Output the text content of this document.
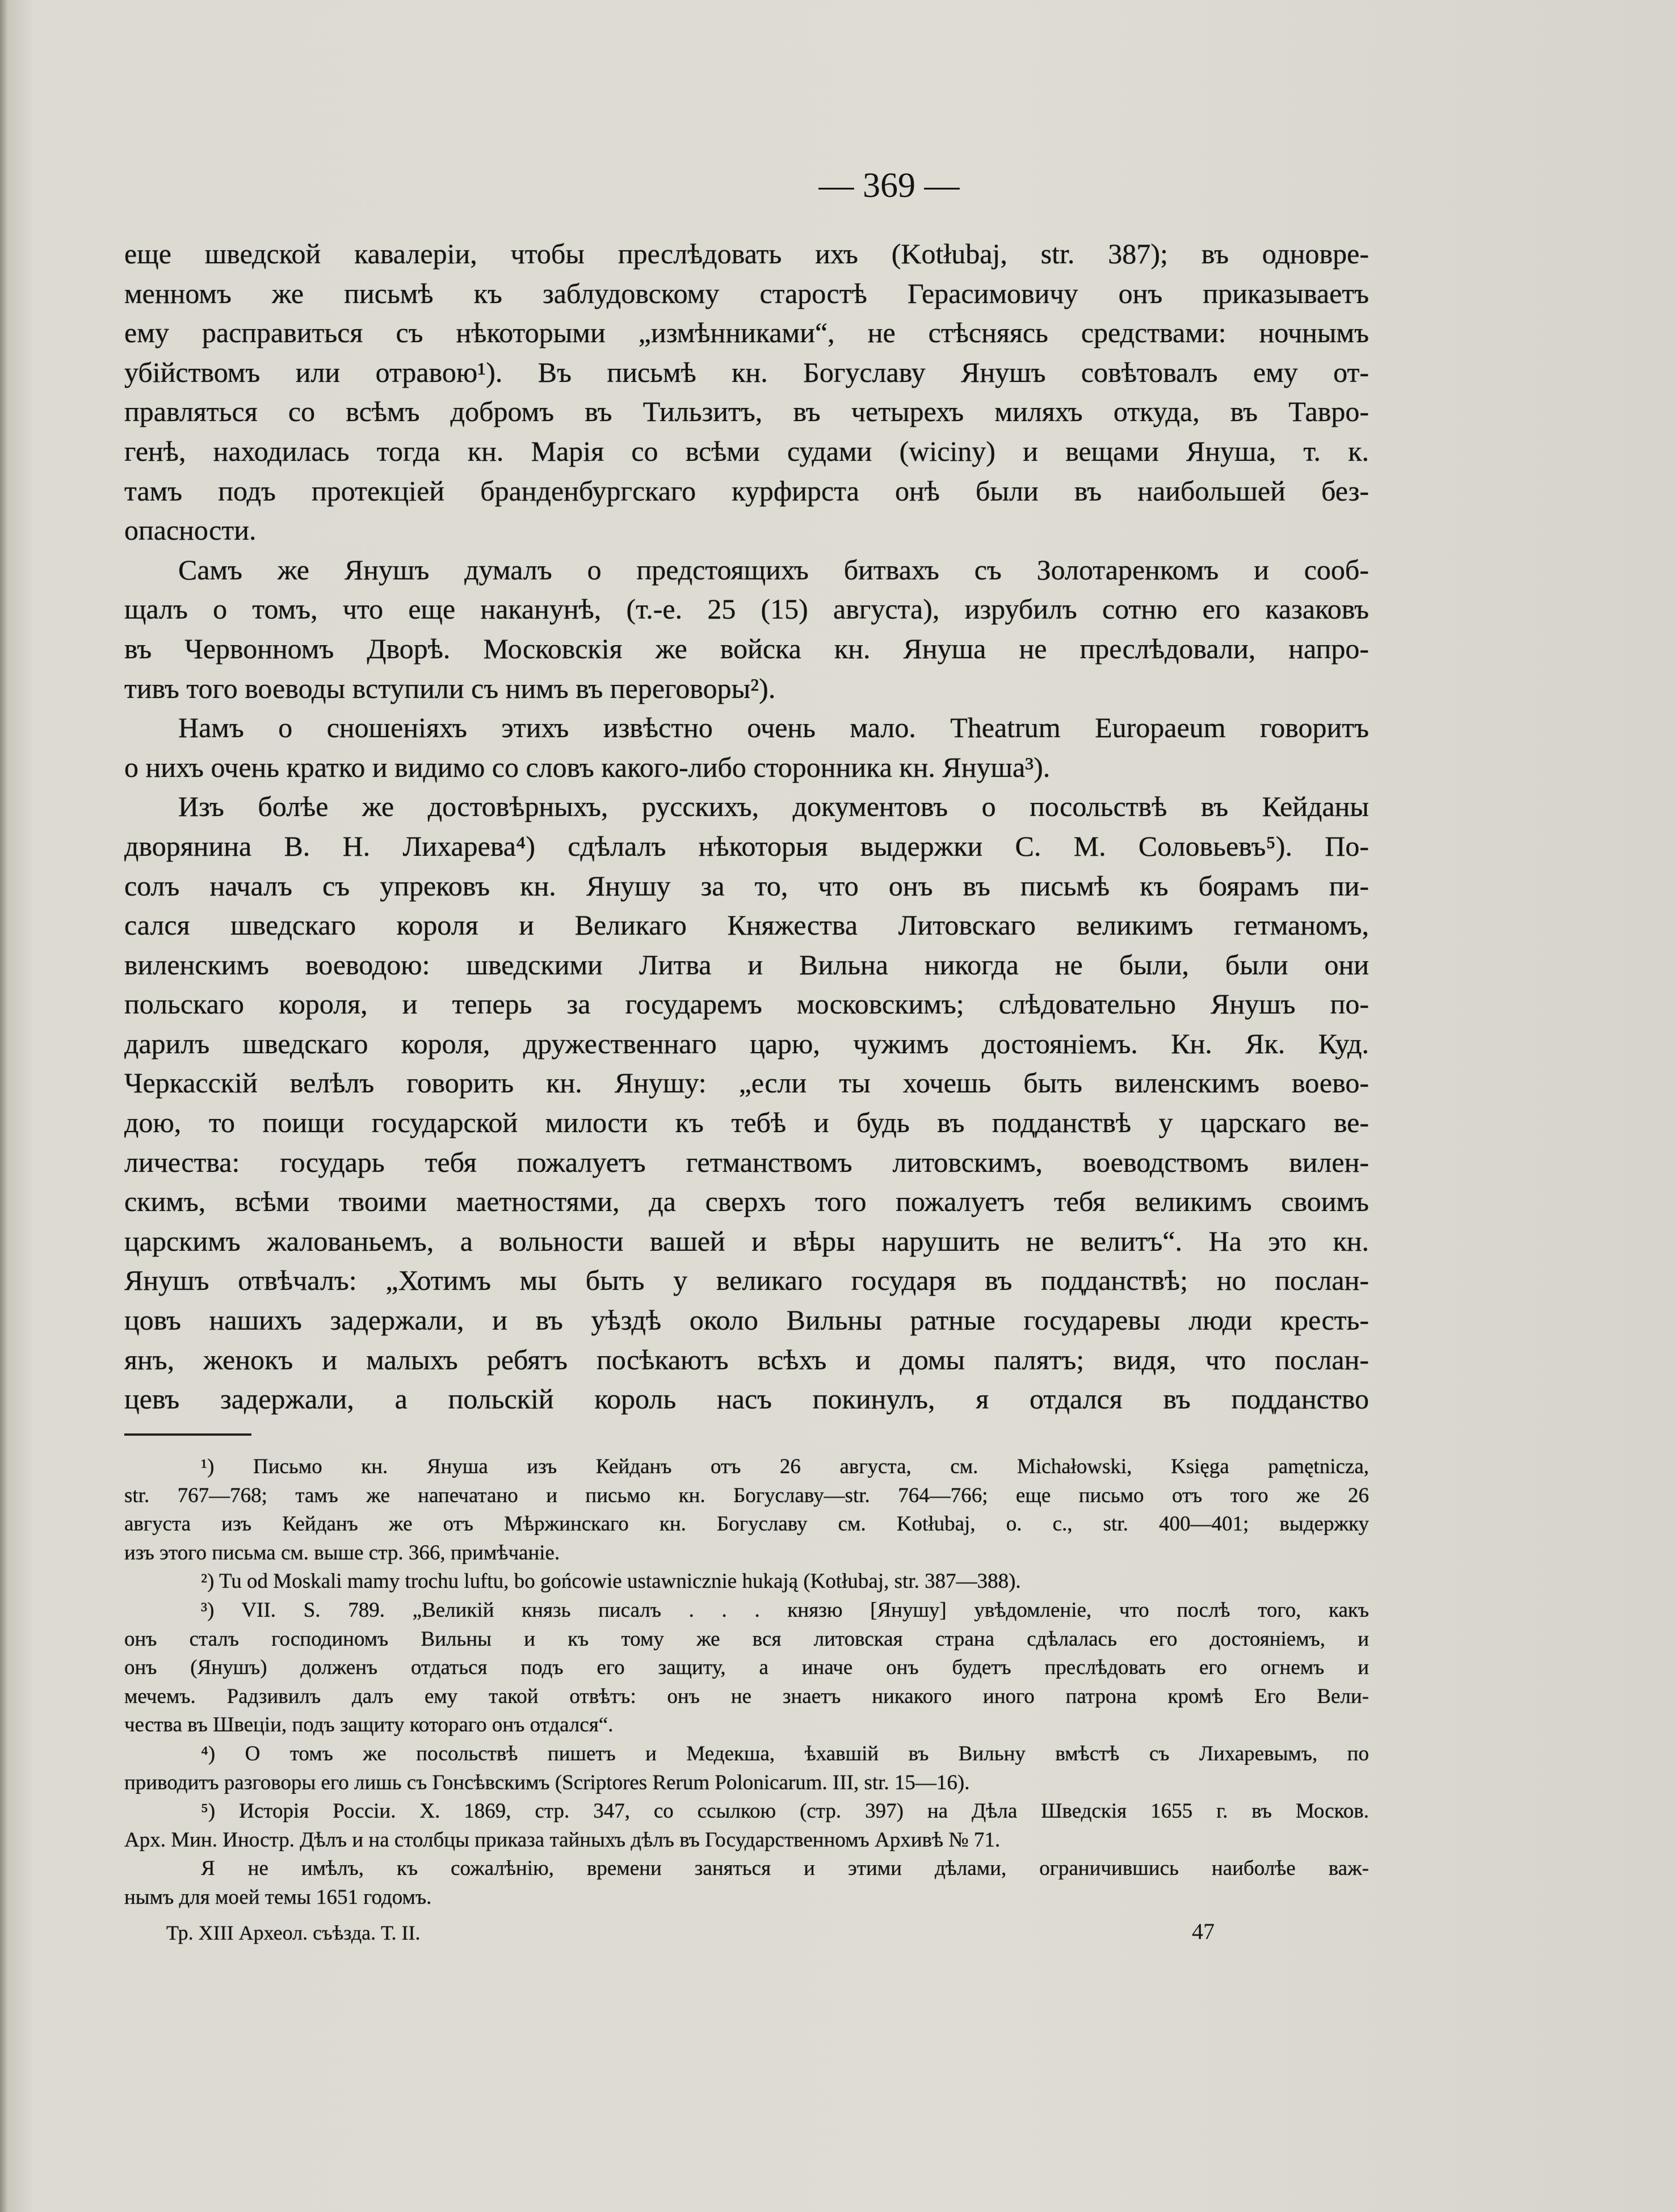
— 369 —
еще шведской кавалеріи, чтобы преслѣдовать ихъ (Kotłubaj, str. 387); въ одновре-
менномъ же письмѣ къ заблудовскому старостѣ Герасимовичу онъ приказываетъ
ему расправиться съ нѣкоторыми „измѣнниками“, не стѣсняясь средствами: ночнымъ
убійствомъ или отравою¹). Въ письмѣ кн. Богуславу Янушъ совѣтовалъ ему от-
правляться со всѣмъ добромъ въ Тильзитъ, въ четырехъ миляхъ откуда, въ Тавро-
генѣ, находилась тогда кн. Марія со всѣми судами (wiciny) и вещами Януша, т. к.
тамъ подъ протекціей бранденбургскаго курфирста онѣ были въ наибольшей без-
опасности.
Самъ же Янушъ думалъ о предстоящихъ битвахъ съ Золотаренкомъ и сооб-
щалъ о томъ, что еще наканунѣ, (т.-е. 25 (15) августа), изрубилъ сотню его казаковъ
въ Червонномъ Дворѣ. Московскія же войска кн. Януша не преслѣдовали, напро-
тивъ того воеводы вступили съ нимъ въ переговоры²).
Намъ о сношеніяхъ этихъ извѣстно очень мало. Theatrum Europaeum говоритъ
о нихъ очень кратко и видимо со словъ какого-либо сторонника кн. Януша³).
Изъ болѣе же достовѣрныхъ, русскихъ, документовъ о посольствѣ въ Кейданы
дворянина В. Н. Лихарева⁴) сдѣлалъ нѣкоторыя выдержки С. М. Соловьевъ⁵). По-
солъ началъ съ упрековъ кн. Янушу за то, что онъ въ письмѣ къ боярамъ пи-
сался шведскаго короля и Великаго Княжества Литовскаго великимъ гетманомъ,
виленскимъ воеводою: шведскими Литва и Вильна никогда не были, были они
польскаго короля, и теперь за государемъ московскимъ; слѣдовательно Янушъ по-
дарилъ шведскаго короля, дружественнаго царю, чужимъ достояніемъ. Кн. Як. Куд.
Черкасскій велѣлъ говорить кн. Янушу: „если ты хочешь быть виленскимъ воево-
дою, то поищи государской милости къ тебѣ и будь въ подданствѣ у царскаго ве-
личества: государь тебя пожалуетъ гетманствомъ литовскимъ, воеводствомъ вилен-
скимъ, всѣми твоими маетностями, да сверхъ того пожалуетъ тебя великимъ своимъ
царскимъ жалованьемъ, а вольности вашей и вѣры нарушить не велитъ“. На это кн.
Янушъ отвѣчалъ: „Хотимъ мы быть у великаго государя въ подданствѣ; но послан-
цовъ нашихъ задержали, и въ уѣздѣ около Вильны ратные государевы люди кресть-
янъ, женокъ и малыхъ ребятъ посѣкаютъ всѣхъ и домы палятъ; видя, что послан-
цевъ задержали, а польскій король насъ покинулъ, я отдался въ подданство
¹) Письмо кн. Януша изъ Кейданъ отъ 26 августа, см. Michałowski, Księga pamętnicza,
str. 767—768; тамъ же напечатано и письмо кн. Богуславу—str. 764—766; еще письмо отъ того же 26
августа изъ Кейданъ же отъ Мѣржинскаго кн. Богуславу см. Kotłubaj, o. c., str. 400—401; выдержку
изъ этого письма см. выше стр. 366, примѣчаніе.
²) Tu od Moskali mamy trochu luftu, bo gońcowie ustawnicznie hukają (Kotłubaj, str. 387—388).
³) VII. S. 789. „Великій князь писалъ . . . князю [Янушу] увѣдомленіе, что послѣ того, какъ
онъ сталъ господиномъ Вильны и къ тому же вся литовская страна сдѣлалась его достояніемъ, и
онъ (Янушъ) долженъ отдаться подъ его защиту, а иначе онъ будетъ преслѣдовать его огнемъ и
мечемъ. Радзивилъ далъ ему такой отвѣтъ: онъ не знаетъ никакого иного патрона кромѣ Его Вели-
чества въ Швеціи, подъ защиту котораго онъ отдался“.
⁴) О томъ же посольствѣ пишетъ и Медекша, ѣхавшій въ Вильну вмѣстѣ съ Лихаревымъ, по
приводитъ разговоры его лишь съ Гонсѣвскимъ (Scriptores Rerum Polonicarum. III, str. 15—16).
⁵) Исторія Россіи. X. 1869, стр. 347, со ссылкою (стр. 397) на Дѣла Шведскія 1655 г. въ Москов.
Арх. Мин. Иностр. Дѣлъ и на столбцы приказа тайныхъ дѣлъ въ Государственномъ Архивѣ № 71.
Я не имѣлъ, къ сожалѣнію, времени заняться и этими дѣлами, ограничившись наиболѣе важ-
нымъ для моей темы 1651 годомъ.
Тр. XIII Археол. съѣзда. Т. II.	47
